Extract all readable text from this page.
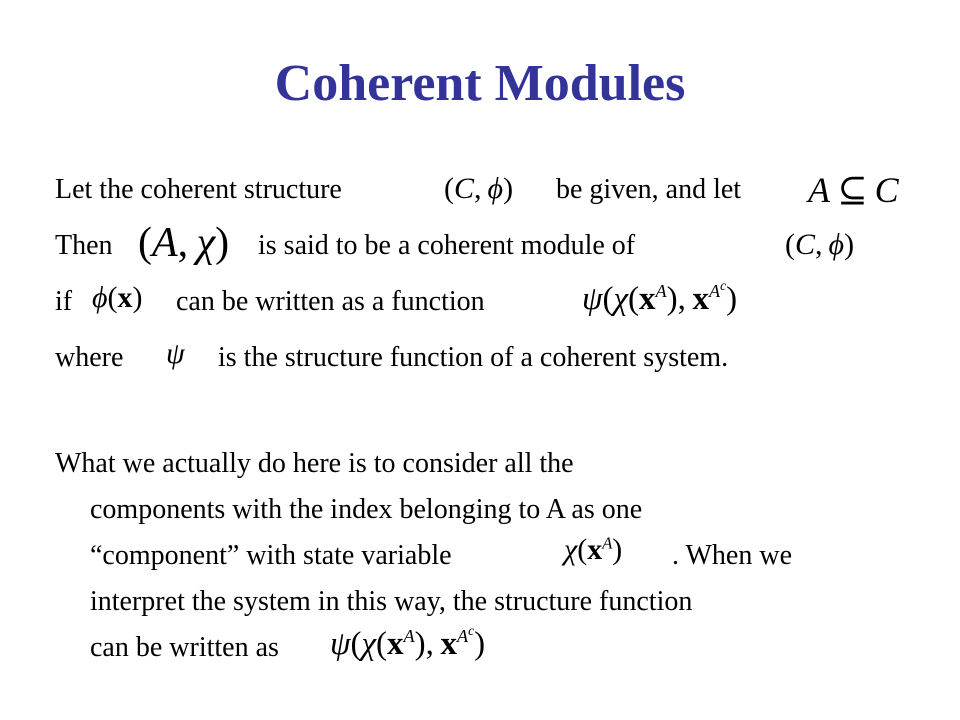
Coherent Modules
Let the coherent structure	(C, ϕ) be given, and let A ⊆ C
Then (A, χ) is said to be a coherent module of	(C, ϕ)
if ϕ(x) can be written as a function	$\psi(\chi(x^A)$, $x^{A^c}$)
where ψ is the structure function of a coherent system.
What we actually do here is to consider all the
components with the index belonging to A as one
“component” with state variable	$\chi(x^A)$ . When we
interpret the system in this way, the structure function
can be written as $\psi(\chi(x^A)$, $x^{A^c}$)
